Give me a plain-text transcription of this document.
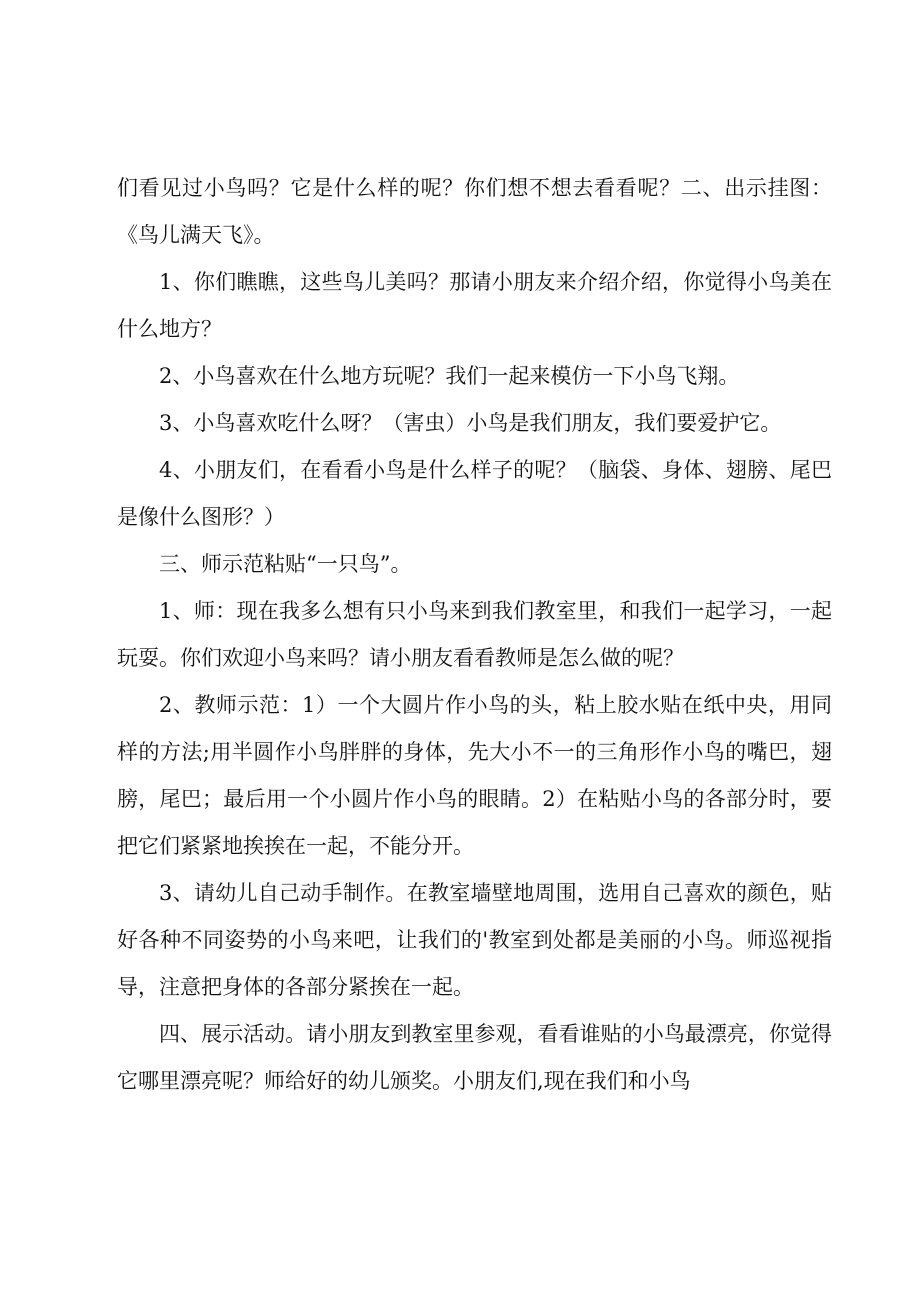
们看见过小鸟吗？它是什么样的呢？你们想不想去看看呢？二、出示挂图：《鸟儿满天飞》。

1、你们瞧瞧，这些鸟儿美吗？那请小朋友来介绍介绍，你觉得小鸟美在什么地方？

2、小鸟喜欢在什么地方玩呢？我们一起来模仿一下小鸟飞翔。

3、小鸟喜欢吃什么呀？（害虫）小鸟是我们朋友，我们要爱护它。

4、小朋友们，在看看小鸟是什么样子的呢？（脑袋、身体、翅膀、尾巴是像什么图形？）

三、师示范粘贴“一只鸟”。

1、师：现在我多么想有只小鸟来到我们教室里，和我们一起学习，一起玩耍。你们欢迎小鸟来吗？请小朋友看看教师是怎么做的呢？

2、教师示范：1）一个大圆片作小鸟的头，粘上胶水贴在纸中央，用同样的方法;用半圆作小鸟胖胖的身体，先大小不一的三角形作小鸟的嘴巴，翅膀，尾巴；最后用一个小圆片作小鸟的眼睛。2）在粘贴小鸟的各部分时，要把它们紧紧地挨挨在一起，不能分开。

3、请幼儿自己动手制作。在教室墙壁地周围，选用自己喜欢的颜色，贴好各种不同姿势的小鸟来吧，让我们的'教室到处都是美丽的小鸟。师巡视指导，注意把身体的各部分紧挨在一起。

四、展示活动。请小朋友到教室里参观，看看谁贴的小鸟最漂亮，你觉得它哪里漂亮呢？师给好的幼儿颁奖。小朋友们,现在我们和小鸟
